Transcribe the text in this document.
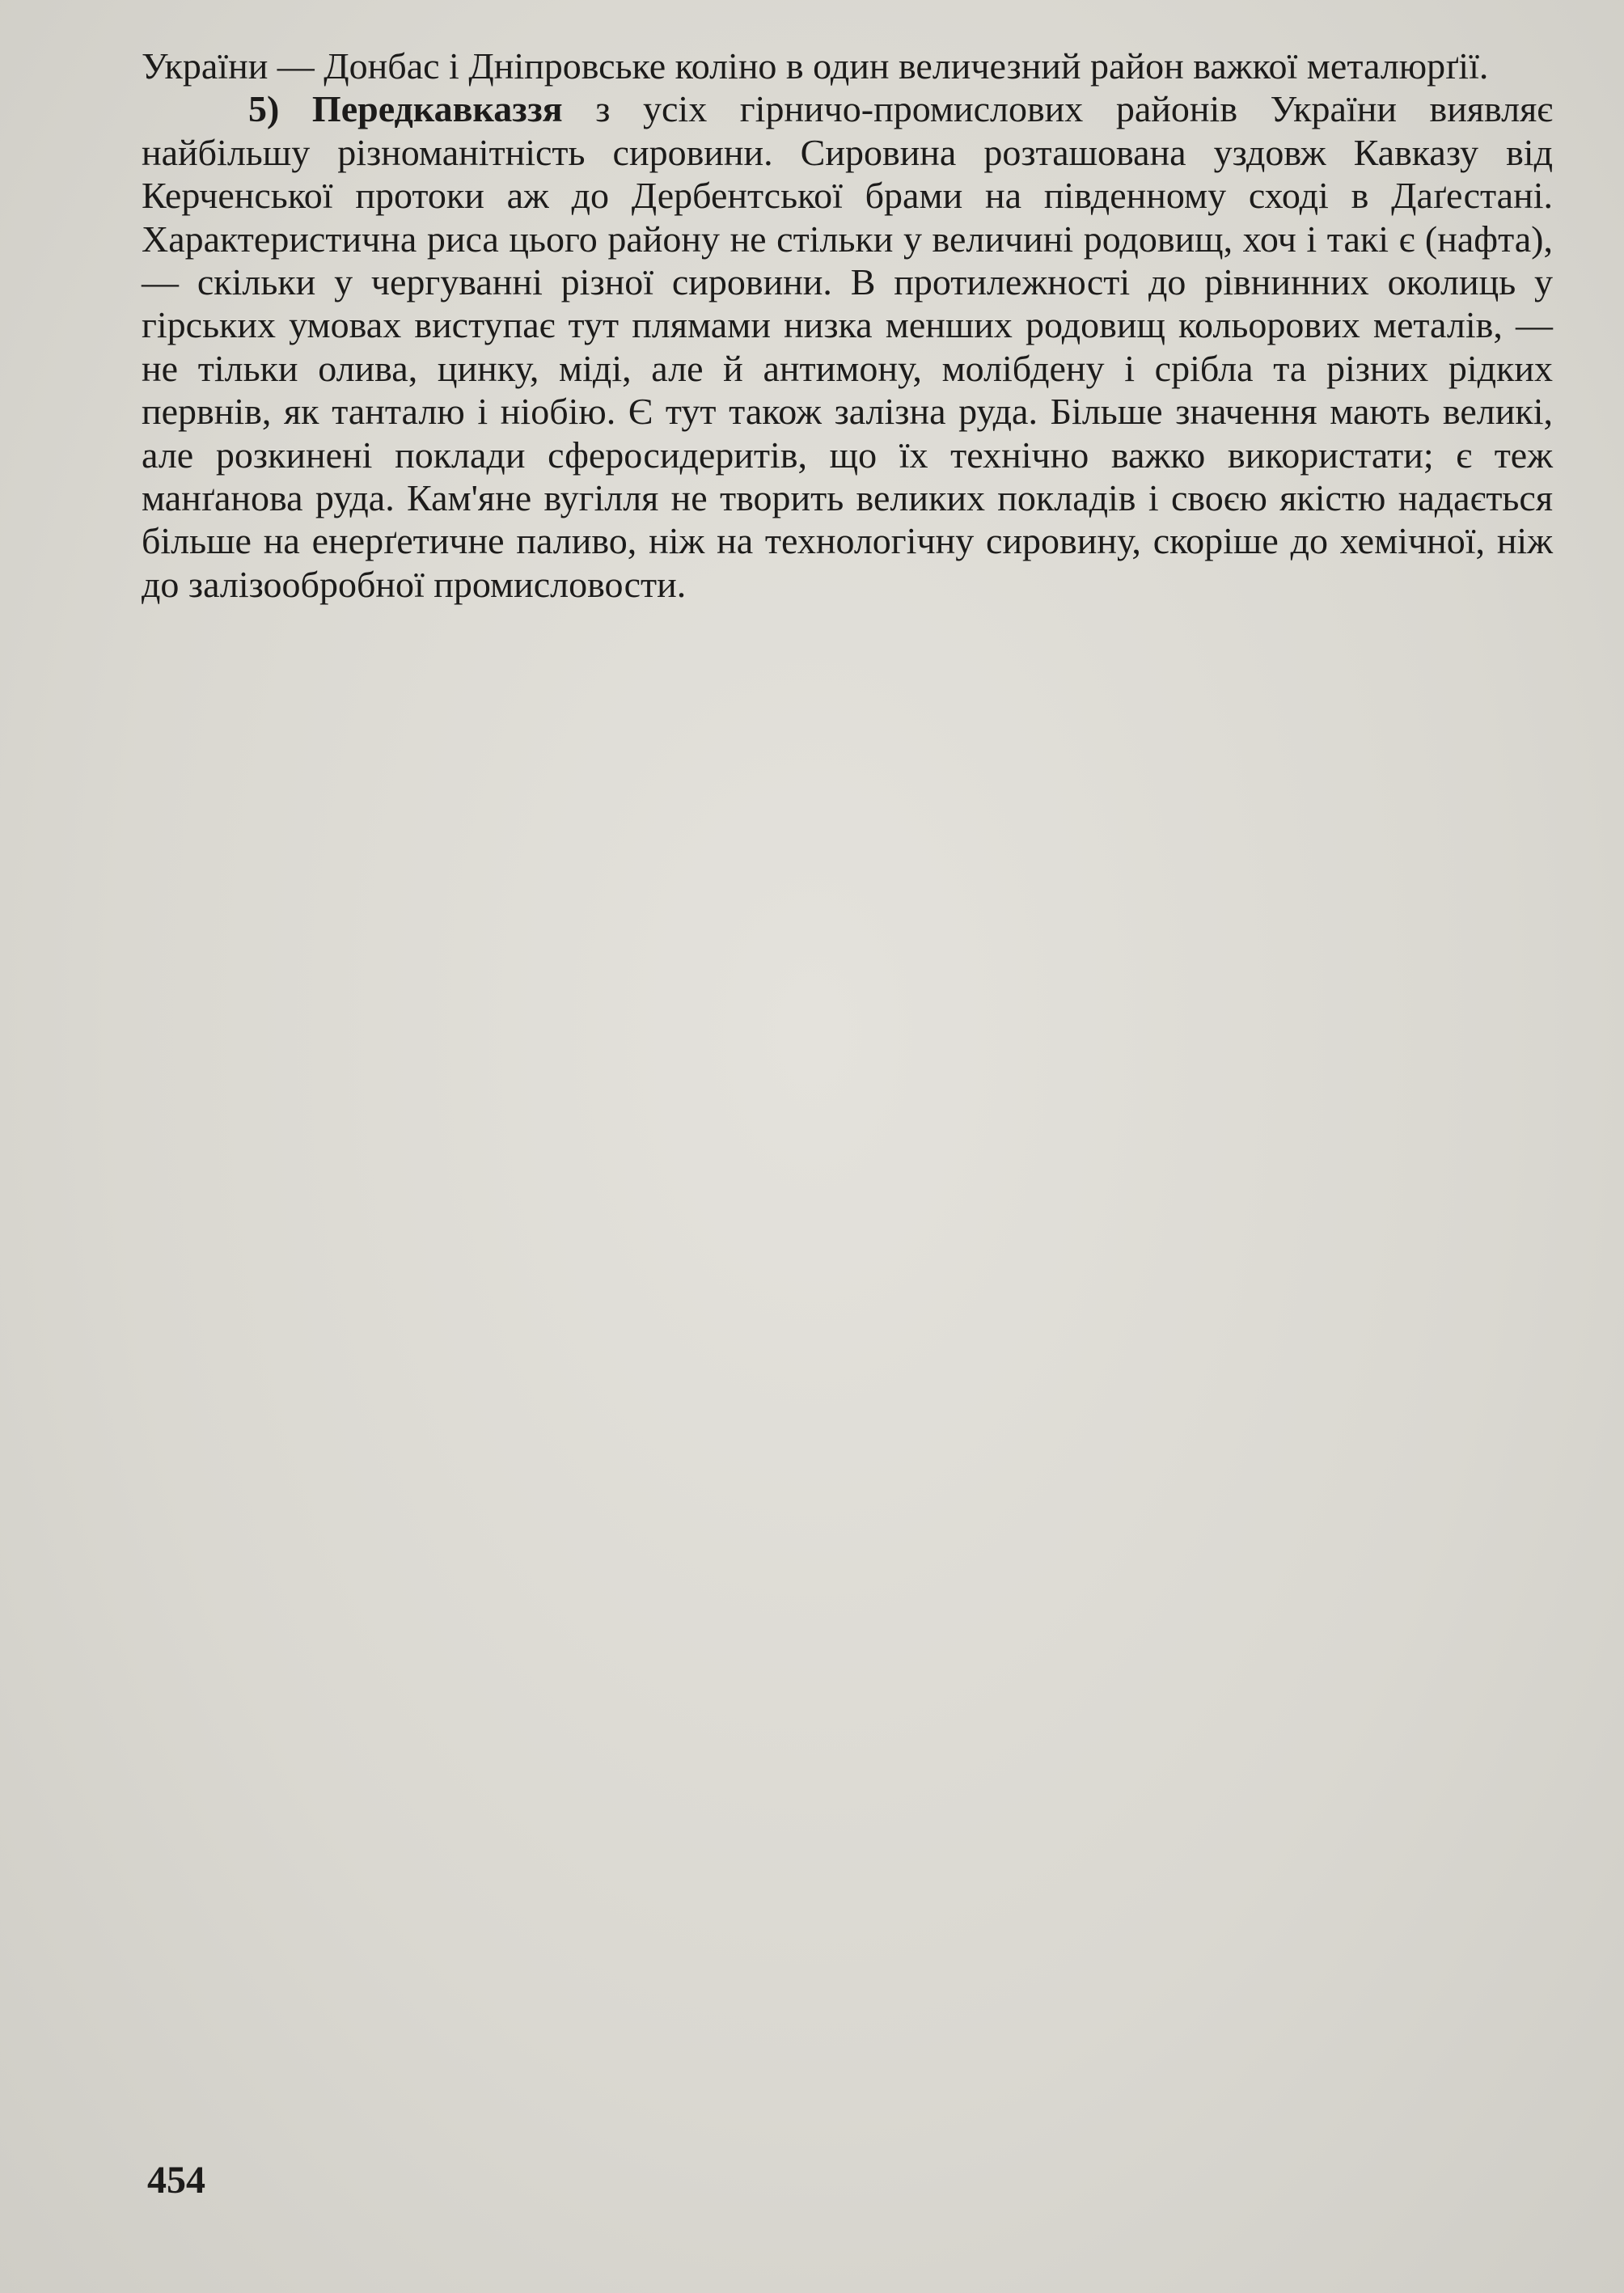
України — Донбас і Дніпровське коліно в один величезний район важкої металюрґії.

5) Передкавказзя з усіх гірничо-промислових районів України виявляє найбільшу різноманітність сировини. Сировина розташована уздовж Кавказу від Керченської протоки аж до Дербентської брами на південному сході в Даґестані. Характеристична риса цього району не стільки у величині родовищ, хоч і такі є (нафта), — скільки у чергуванні різної сировини. В протилежності до рівнинних околиць у гірських умовах виступає тут плямами низка менших родовищ кольорових металів, — не тільки олива, цинку, міді, але й антимону, молібдену і срібла та різних рідких первнів, як танталю і ніобію. Є тут також залізна руда. Більше значення мають великі, але розкинені поклади сферосидеритів, що їх технічно важко використати; є теж манґанова руда. Кам'яне вугілля не творить великих покладів і своєю якістю надається більше на енерґетичне паливо, ніж на технологічну сировину, скоріше до хемічної, ніж до залізообробної промисловости.

454
